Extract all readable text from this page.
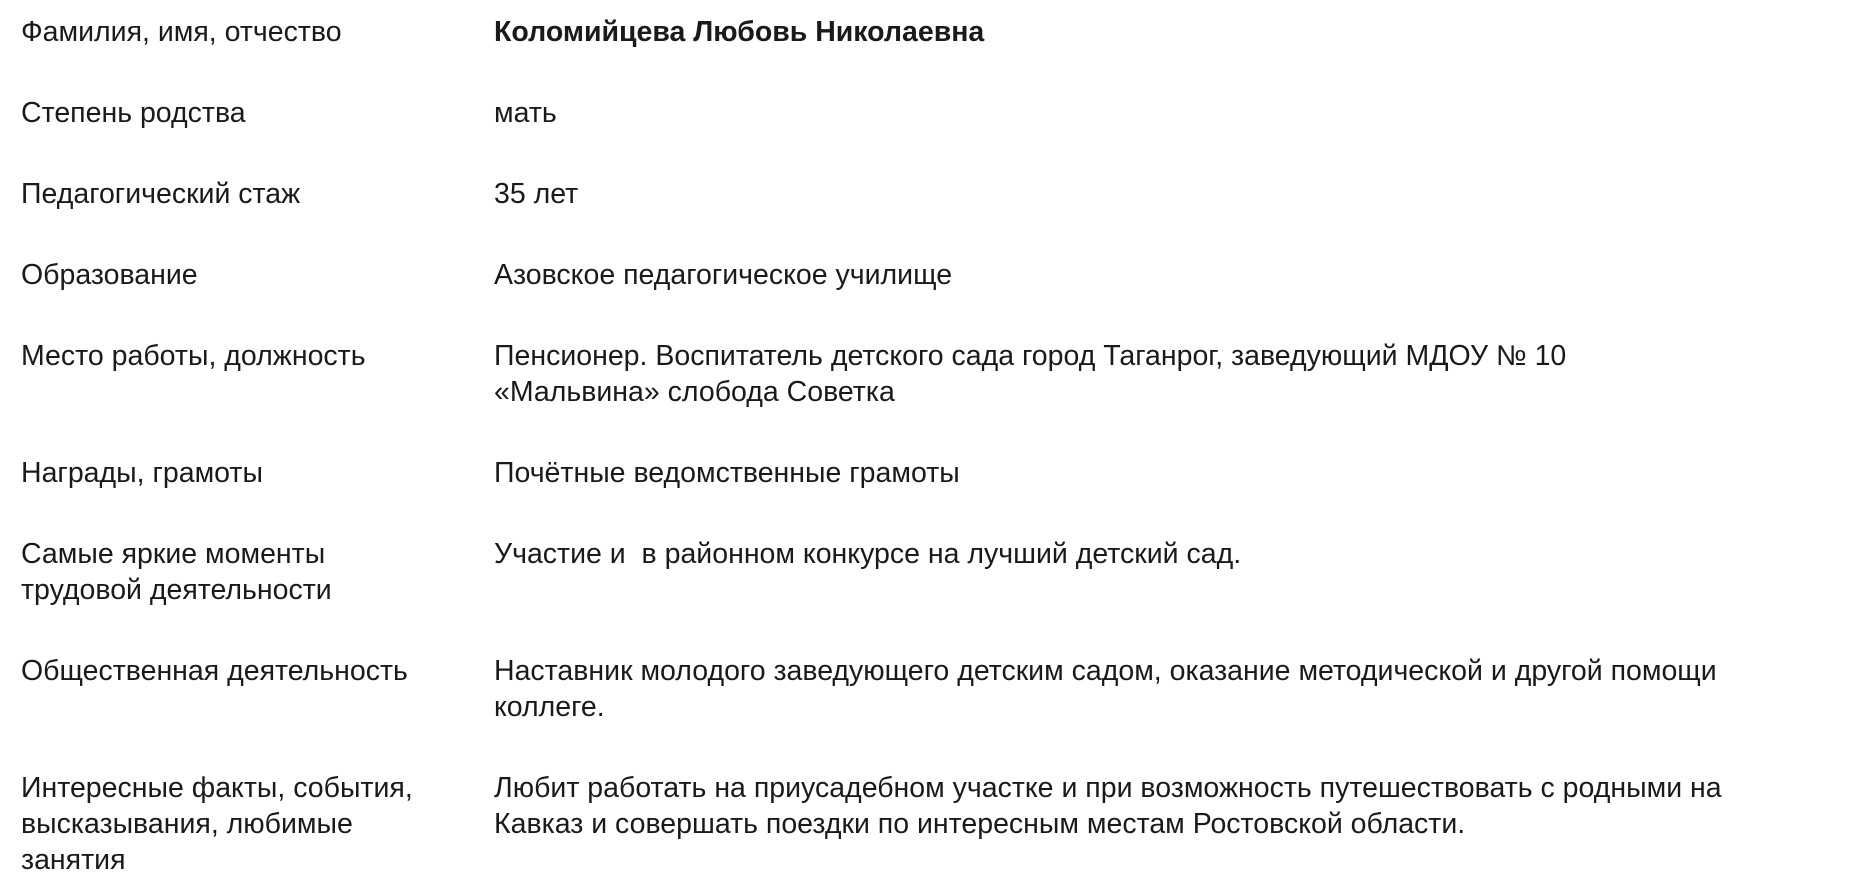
Фамилия, имя, отчество	Коломийцева Любовь Николаевна

Степень родства	мать

Педагогический стаж	35 лет

Образование	Азовское педагогическое училище

Место работы, должность	Пенсионер. Воспитатель детского сада город Таганрог, заведующий МДОУ № 10
«Мальвина» слобода Советка

Награды, грамоты	Почётные ведомственные грамоты

Самые яркие моменты
трудовой деятельности	Участие и  в районном конкурсе на лучший детский сад.

Общественная деятельность	Наставник молодого заведующего детским садом, оказание методической и другой помощи
коллеге.

Интересные факты, события,
высказывания, любимые
занятия	Любит работать на приусадебном участке и при возможность путешествовать с родными на
Кавказ и совершать поездки по интересным местам Ростовской области.
